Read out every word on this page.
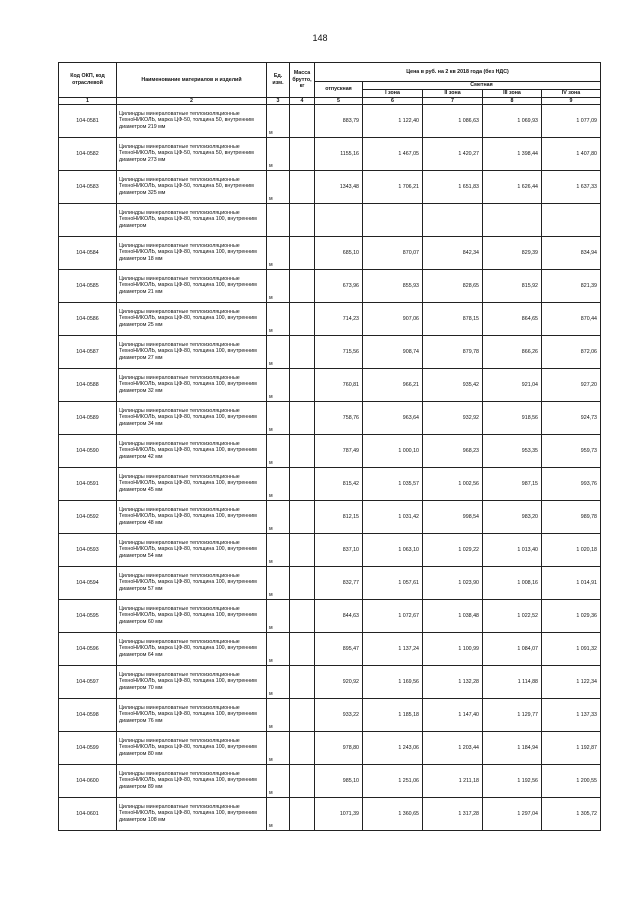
148
Код ОКП, код отраслевой	Наименование материалов и изделий	Ед. изм.	Масса брутто, кг	Цена в руб. на 2 кв 2018 года (без НДС)				
				отпускная	Сметная			
					I зона	II зона	III зона	IV зона
1	2	3	4	5	6	7	8	9
104-0581	Цилиндры минераловатные теплоизоляционные ТехноНИКОЛЬ, марка ЦФ-50, толщина 50, внутренним диаметром 219 мм	м		883,79	1 122,40	1 086,63	1 069,93	1 077,09
104-0582	Цилиндры минераловатные теплоизоляционные ТехноНИКОЛЬ, марка ЦФ-50, толщина 50, внутренним диаметром 273 мм	м		1155,16	1 467,05	1 420,27	1 398,44	1 407,80
104-0583	Цилиндры минераловатные теплоизоляционные ТехноНИКОЛЬ, марка ЦФ-50, толщина 50, внутренним диаметром 325 мм	м		1343,48	1 706,21	1 651,83	1 626,44	1 637,33
	Цилиндры минераловатные теплоизоляционные ТехноНИКОЛЬ, марка ЦФ-80, толщина 100, внутренним диаметром							
104-0584	Цилиндры минераловатные теплоизоляционные ТехноНИКОЛЬ, марка ЦФ-80, толщина 100, внутренним диаметром 18 мм	м		685,10	870,07	842,34	829,39	834,94
104-0585	Цилиндры минераловатные теплоизоляционные ТехноНИКОЛЬ, марка ЦФ-80, толщина 100, внутренним диаметром 21 мм	м		673,96	855,93	828,65	815,92	821,39
104-0586	Цилиндры минераловатные теплоизоляционные ТехноНИКОЛЬ, марка ЦФ-80, толщина 100, внутренним диаметром 25 мм	м		714,23	907,06	878,15	864,65	870,44
104-0587	Цилиндры минераловатные теплоизоляционные ТехноНИКОЛЬ, марка ЦФ-80, толщина 100, внутренним диаметром 27 мм	м		715,56	908,74	879,78	866,26	872,06
104-0588	Цилиндры минераловатные теплоизоляционные ТехноНИКОЛЬ, марка ЦФ-80, толщина 100, внутренним диаметром 32 мм	м		760,81	966,21	935,42	921,04	927,20
104-0589	Цилиндры минераловатные теплоизоляционные ТехноНИКОЛЬ, марка ЦФ-80, толщина 100, внутренним диаметром 34 мм	м		758,76	963,64	932,92	918,56	924,73
104-0590	Цилиндры минераловатные теплоизоляционные ТехноНИКОЛЬ, марка ЦФ-80, толщина 100, внутренним диаметром 42 мм	м		787,49	1 000,10	968,23	953,35	959,73
104-0591	Цилиндры минераловатные теплоизоляционные ТехноНИКОЛЬ, марка ЦФ-80, толщина 100, внутренним диаметром 45 мм	м		815,42	1 035,57	1 002,56	987,15	993,76
104-0592	Цилиндры минераловатные теплоизоляционные ТехноНИКОЛЬ, марка ЦФ-80, толщина 100, внутренним диаметром 48 мм	м		812,15	1 031,42	998,54	983,20	989,78
104-0593	Цилиндры минераловатные теплоизоляционные ТехноНИКОЛЬ, марка ЦФ-80, толщина 100, внутренним диаметром 54 мм	м		837,10	1 063,10	1 029,22	1 013,40	1 020,18
104-0594	Цилиндры минераловатные теплоизоляционные ТехноНИКОЛЬ, марка ЦФ-80, толщина 100, внутренним диаметром 57 мм	м		832,77	1 057,61	1 023,90	1 008,16	1 014,91
104-0595	Цилиндры минераловатные теплоизоляционные ТехноНИКОЛЬ, марка ЦФ-80, толщина 100, внутренним диаметром 60 мм	м		844,63	1 072,67	1 038,48	1 022,52	1 029,36
104-0596	Цилиндры минераловатные теплоизоляционные ТехноНИКОЛЬ, марка ЦФ-80, толщина 100, внутренним диаметром 64 мм	м		895,47	1 137,24	1 100,99	1 084,07	1 091,32
104-0597	Цилиндры минераловатные теплоизоляционные ТехноНИКОЛЬ, марка ЦФ-80, толщина 100, внутренним диаметром 70 мм	м		920,92	1 169,56	1 132,28	1 114,88	1 122,34
104-0598	Цилиндры минераловатные теплоизоляционные ТехноНИКОЛЬ, марка ЦФ-80, толщина 100, внутренним диаметром 76 мм	м		933,22	1 185,18	1 147,40	1 129,77	1 137,33
104-0599	Цилиндры минераловатные теплоизоляционные ТехноНИКОЛЬ, марка ЦФ-80, толщина 100, внутренним диаметром 80 мм	м		978,80	1 243,06	1 203,44	1 184,94	1 192,87
104-0600	Цилиндры минераловатные теплоизоляционные ТехноНИКОЛЬ, марка ЦФ-80, толщина 100, внутренним диаметром 89 мм	м		985,10	1 251,06	1 211,18	1 192,56	1 200,55
104-0601	Цилиндры минераловатные теплоизоляционные ТехноНИКОЛЬ, марка ЦФ-80, толщина 100, внутренним диаметром 108 мм	м		1071,39	1 360,65	1 317,28	1 297,04	1 305,72
